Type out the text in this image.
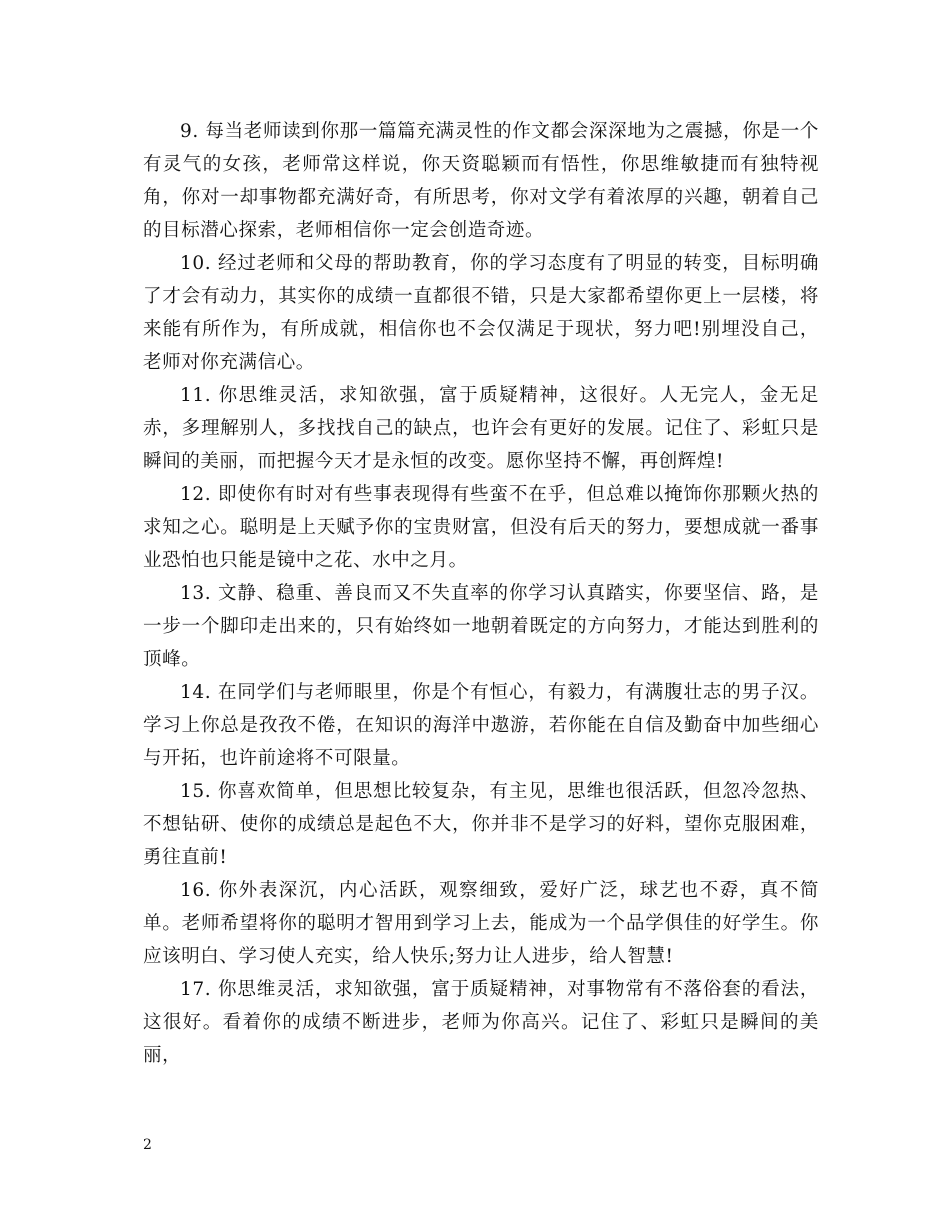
9. 每当老师读到你那一篇篇充满灵性的作文都会深深地为之震撼，你是一个有灵气的女孩，老师常这样说，你天资聪颖而有悟性，你思维敏捷而有独特视角，你对一却事物都充满好奇，有所思考，你对文学有着浓厚的兴趣，朝着自己的目标潜心探索，老师相信你一定会创造奇迹。

10. 经过老师和父母的帮助教育，你的学习态度有了明显的转变，目标明确了才会有动力，其实你的成绩一直都很不错，只是大家都希望你更上一层楼，将来能有所作为，有所成就，相信你也不会仅满足于现状，努力吧!别埋没自己，老师对你充满信心。

11. 你思维灵活，求知欲强，富于质疑精神，这很好。人无完人，金无足赤，多理解别人，多找找自己的缺点，也许会有更好的发展。记住了、彩虹只是瞬间的美丽，而把握今天才是永恒的改变。愿你坚持不懈，再创辉煌!

12. 即使你有时对有些事表现得有些蛮不在乎，但总难以掩饰你那颗火热的求知之心。聪明是上天赋予你的宝贵财富，但没有后天的努力，要想成就一番事业恐怕也只能是镜中之花、水中之月。

13. 文静、稳重、善良而又不失直率的你学习认真踏实，你要坚信、路，是一步一个脚印走出来的，只有始终如一地朝着既定的方向努力，才能达到胜利的顶峰。

14. 在同学们与老师眼里，你是个有恒心，有毅力，有满腹壮志的男子汉。学习上你总是孜孜不倦，在知识的海洋中遨游，若你能在自信及勤奋中加些细心与开拓，也许前途将不可限量。

15. 你喜欢简单，但思想比较复杂，有主见，思维也很活跃，但忽冷忽热、不想钻研、使你的成绩总是起色不大，你并非不是学习的好料，望你克服困难，勇往直前!

16. 你外表深沉，内心活跃，观察细致，爱好广泛，球艺也不孬，真不简单。老师希望将你的聪明才智用到学习上去，能成为一个品学俱佳的好学生。你应该明白、学习使人充实，给人快乐;努力让人进步，给人智慧!

17. 你思维灵活，求知欲强，富于质疑精神，对事物常有不落俗套的看法，这很好。看着你的成绩不断进步，老师为你高兴。记住了、彩虹只是瞬间的美丽，

2
